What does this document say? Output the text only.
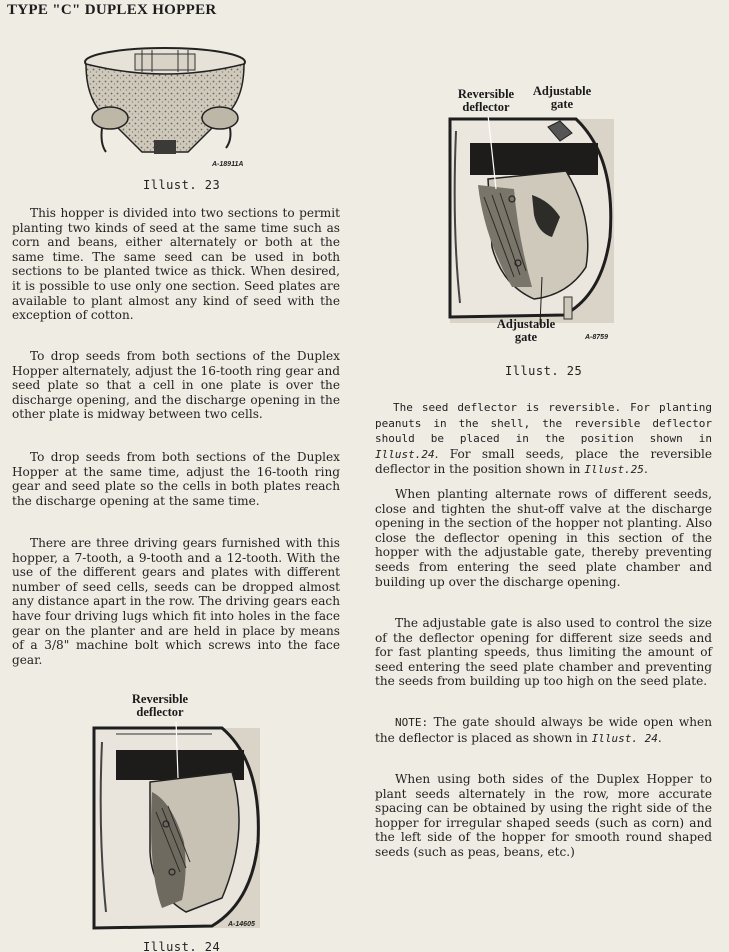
TYPE "C" DUPLEX HOPPER
A-18911A
Illust. 23

This hopper is divided into two sections to permit planting two kinds of seed at the same time such as corn and beans, either alternately or both at the same time. The same seed can be used in both sections to be planted twice as thick. When desired, it is possible to use only one section. Seed plates are available to plant almost any kind of seed with the exception of cotton.

To drop seeds from both sections of the Duplex Hopper alternately, adjust the 16-tooth ring gear and seed plate so that a cell in one plate is over the discharge opening, and the discharge opening in the other plate is midway between two cells.

To drop seeds from both sections of the Duplex Hopper at the same time, adjust the 16-tooth ring gear and seed plate so the cells in both plates reach the discharge opening at the same time.

There are three driving gears furnished with this hopper, a 7-tooth, a 9-tooth and a 12-tooth. With the use of the different gears and plates with different number of seed cells, seeds can be dropped almost any distance apart in the row. The driving gears each have four driving lugs which fit into holes in the face gear on the planter and are held in place by means of a 3/8" machine bolt which screws into the face gear.

Reversible deflector
A-14605
Illust. 24
Reversible deflector
Adjustable gate
Adjustable gate	A-8759
Illust. 25

The seed deflector is reversible. For planting peanuts in the shell, the reversible deflector should be placed in the position shown in Illust.24. For small seeds, place the reversible deflector in the position shown in Illust.25.

When planting alternate rows of different seeds, close and tighten the shut-off valve at the discharge opening in the section of the hopper not planting. Also close the deflector opening in this section of the hopper with the adjustable gate, thereby preventing seeds from entering the seed plate chamber and building up over the discharge opening.

The adjustable gate is also used to control the size of the deflector opening for different size seeds and for fast planting speeds, thus limiting the amount of seed entering the seed plate chamber and preventing the seeds from building up too high on the seed plate.

NOTE: The gate should always be wide open when the deflector is placed as shown in Illust. 24.

When using both sides of the Duplex Hopper to plant seeds alternately in the row, more accurate spacing can be obtained by using the right side of the hopper for irregular shaped seeds (such as corn) and the left side of the hopper for smooth round shaped seeds (such as peas, beans, etc.)
